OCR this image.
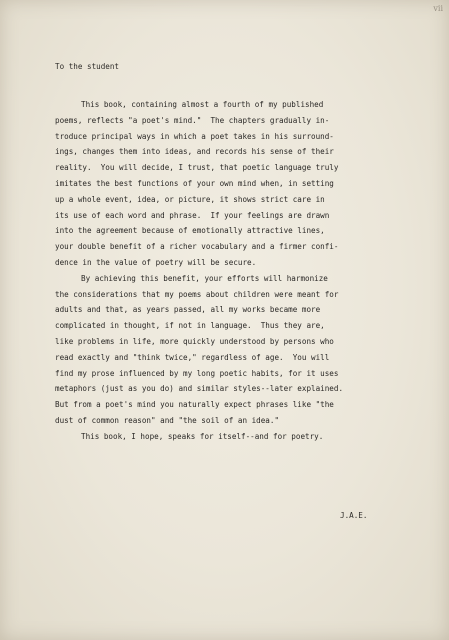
vii
To the student
This book, containing almost a fourth of my published
poems, reflects "a poet's mind."  The chapters gradually in-
troduce principal ways in which a poet takes in his surround-
ings, changes them into ideas, and records his sense of their
reality.  You will decide, I trust, that poetic language truly
imitates the best functions of your own mind when, in setting
up a whole event, idea, or picture, it shows strict care in
its use of each word and phrase.  If your feelings are drawn
into the agreement because of emotionally attractive lines,
your double benefit of a richer vocabulary and a firmer confi-
dence in the value of poetry will be secure.
By achieving this benefit, your efforts will harmonize
the considerations that my poems about children were meant for
adults and that, as years passed, all my works became more
complicated in thought, if not in language.  Thus they are,
like problems in life, more quickly understood by persons who
read exactly and "think twice," regardless of age.  You will
find my prose influenced by my long poetic habits, for it uses
metaphors (just as you do) and similar styles--later explained.
But from a poet's mind you naturally expect phrases like "the
dust of common reason" and "the soil of an idea."
This book, I hope, speaks for itself--and for poetry.
J.A.E.
